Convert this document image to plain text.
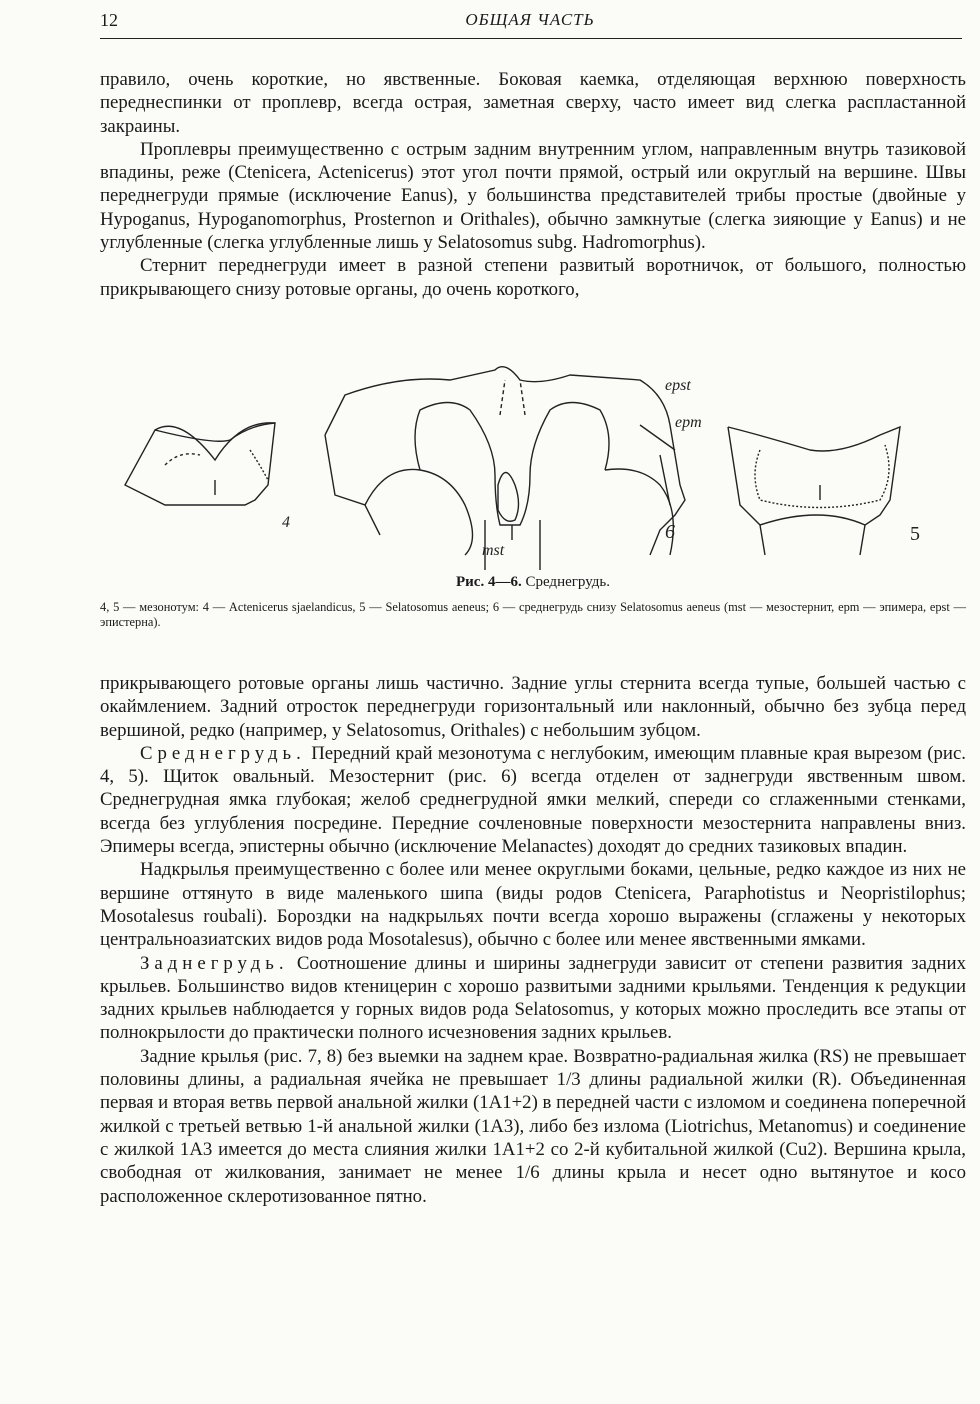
12	ОБЩАЯ ЧАСТЬ

правило, очень короткие, но явственные. Боковая каемка, отделяющая верхнюю поверхность переднеспинки от проплевр, всегда острая, заметная сверху, часто имеет вид слегка распластанной закраины.

Проплевры преимущественно с острым задним внутренним углом, направленным внутрь тазиковой впадины, реже (Ctenicera, Actenicerus) этот угол почти прямой, острый или округлый на вершине. Швы переднегруди прямые (исключение Eanus), у большинства представителей трибы простые (двойные у Hypoganus, Hypoganomorphus, Prosternon и Orithales), обычно замкнутые (слегка зияющие у Eanus) и не углубленные (слегка углубленные лишь у Selatosomus subg. Hadromorphus).

Стернит переднегруди имеет в разной степени развитый воротничок, от большого, полностью прикрывающего снизу ротовые органы, до очень короткого,

4
epst
epm
mst
6	5
Рис. 4—6. Среднегрудь.
4, 5 — мезонотум: 4 — Actenicerus sjaelandicus, 5 — Selatosomus aeneus; 6 — среднегрудь снизу Selatosomus aeneus (mst — мезостернит, epm — эпимера, epst — эпистерна).

прикрывающего ротовые органы лишь частично. Задние углы стернита всегда тупые, большей частью с окаймлением. Задний отросток переднегруди горизонтальный или наклонный, обычно без зубца перед вершиной, редко (например, у Selatosomus, Orithales) с небольшим зубцом.

Среднегрудь. Передний край мезонотума с неглубоким, имеющим плавные края вырезом (рис. 4, 5). Щиток овальный. Мезостернит (рис. 6) всегда отделен от заднегруди явственным швом. Среднегрудная ямка глубокая; желоб среднегрудной ямки мелкий, спереди со сглаженными стенками, всегда без углубления посредине. Передние сочленовные поверхности мезостернита направлены вниз. Эпимеры всегда, эпистерны обычно (исключение Melanactes) доходят до средних тазиковых впадин.

Надкрылья преимущественно с более или менее округлыми боками, цельные, редко каждое из них не вершине оттянуто в виде маленького шипа (виды родов Ctenicera, Paraphotistus и Neopristilophus; Mosotalesus roubali). Бороздки на надкрыльях почти всегда хорошо выражены (сглажены у некоторых центральноазиатских видов рода Mosotalesus), обычно с более или менее явственными ямками.

Заднегрудь. Соотношение длины и ширины заднегруди зависит от степени развития задних крыльев. Большинство видов ктеницерин с хорошо развитыми задними крыльями. Тенденция к редукции задних крыльев наблюдается у горных видов рода Selatosomus, у которых можно проследить все этапы от полнокрылости до практически полного исчезновения задних крыльев.

Задние крылья (рис. 7, 8) без выемки на заднем крае. Возвратно-радиальная жилка (RS) не превышает половины длины, а радиальная ячейка не превышает 1/3 длины радиальной жилки (R). Объединенная первая и вторая ветвь первой анальной жилки (1A1+2) в передней части с изломом и соединена поперечной жилкой с третьей ветвью 1-й анальной жилки (1A3), либо без излома (Liotrichus, Metanomus) и соединение с жилкой 1A3 имеется до места слияния жилки 1A1+2 со 2-й кубитальной жилкой (Cu2). Вершина крыла, свободная от жилкования, занимает не менее 1/6 длины крыла и несет одно вытянутое и косо расположенное склеротизованное пятно.
